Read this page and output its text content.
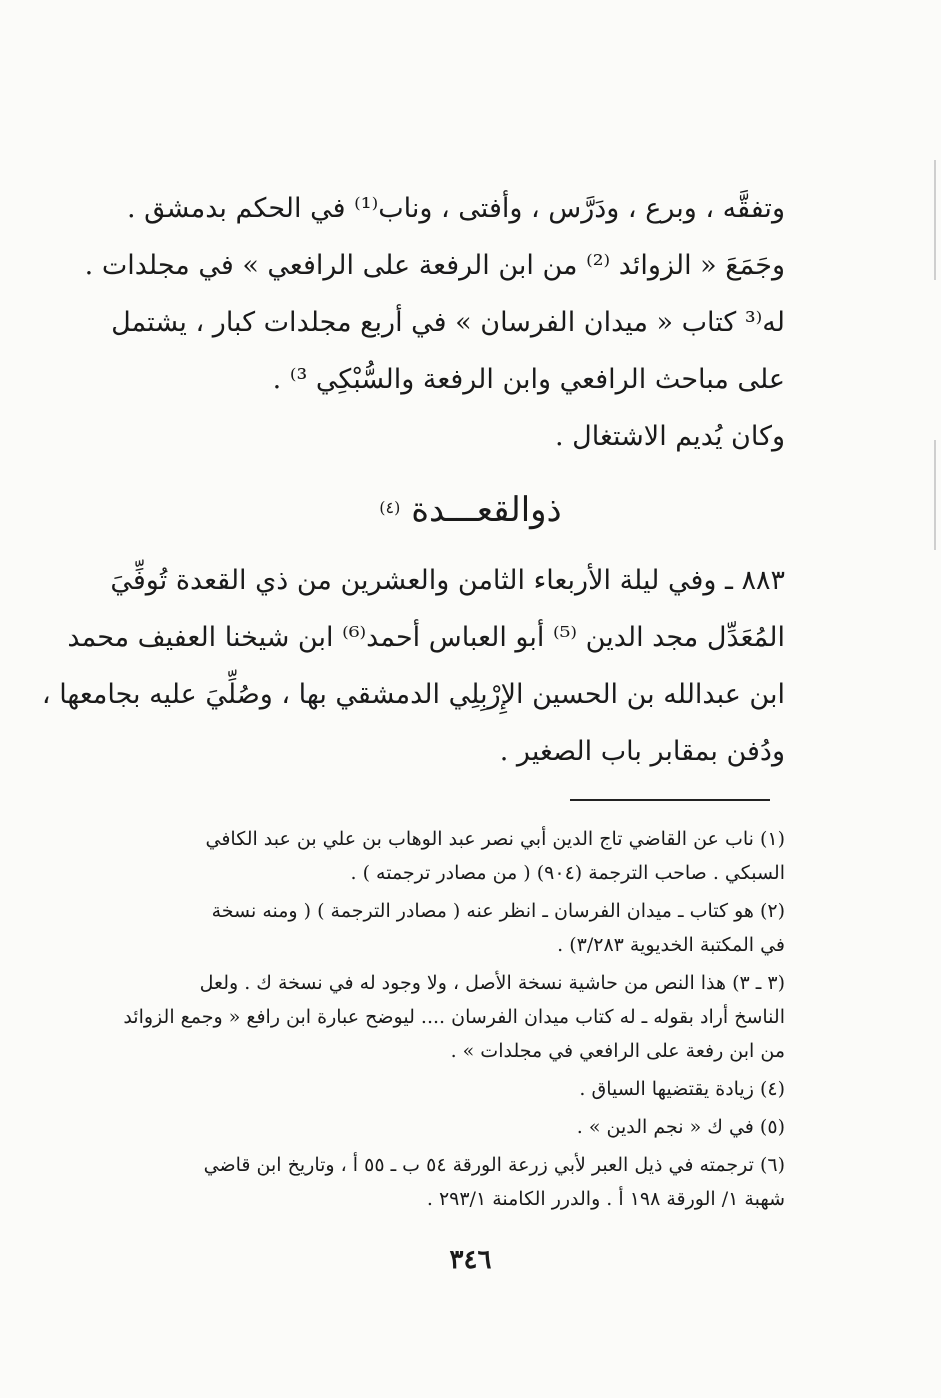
وتفقَّه ، وبرع ، ودَرَّس ، وأفتى ، وناب⁽¹⁾ في الحكم بدمشق .
وجَمَعَ « الزوائد ⁽²⁾ من ابن الرفعة على الرافعي » في مجلدات .
له⁽³ كتاب « ميدان الفرسان » في أربع مجلدات كبار ، يشتمل
على مباحث الرافعي وابن الرفعة والسُّبْكِي ³⁾ .
وكان يُديم الاشتغال .
ذوالقعـــدة $^{(٤)}$
٨٨٣ ـ وفي ليلة الأربعاء الثامن والعشرين من ذي القعدة تُوفِّيَ
المُعَدِّل مجد الدين ⁽⁵⁾ أبو العباس أحمد⁽⁶⁾ ابن شيخنا العفيف محمد
ابن عبدالله بن الحسين الإِرْبِلِي الدمشقي بها ، وصُلِّيَ عليه بجامعها ،
ودُفن بمقابر باب الصغير .
(١) ناب عن القاضي تاج الدين أبي نصر عبد الوهاب بن علي بن عبد الكافي
السبكي . صاحب الترجمة (٩٠٤) ( من مصادر ترجمته ) .
(٢) هو كتاب ـ ميدان الفرسان ـ انظر عنه ( مصادر الترجمة ) ( ومنه نسخة
في المكتبة الخديوية ٣/٢٨٣) .
(٣ ـ ٣) هذا النص من حاشية نسخة الأصل ، ولا وجود له في نسخة ك . ولعل
الناسخ أراد بقوله ـ له كتاب ميدان الفرسان .... ليوضح عبارة ابن رافع « وجمع الزوائد
من ابن رفعة على الرافعي في مجلدات » .
(٤) زيادة يقتضيها السياق .
(٥) في ك « نجم الدين » .
(٦) ترجمته في ذيل العبر لأبي زرعة الورقة ٥٤ ب ـ ٥٥ أ ، وتاريخ ابن قاضي
شهبة ١/ الورقة ١٩٨ أ . والدرر الكامنة ٢٩٣/١ .
٣٤٦
